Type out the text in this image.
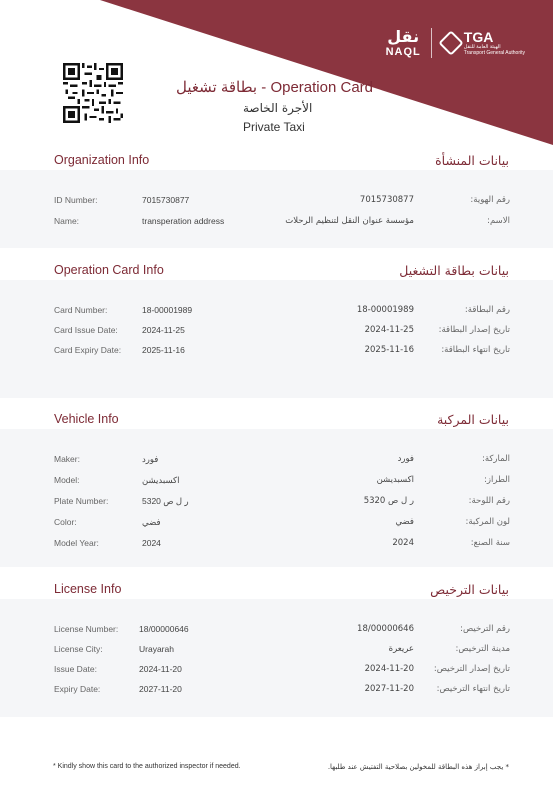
نقل
NAQL
TGA
الهيئة العامة للنقل
Transport General Authority
بطاقة تشغيل - Operation Card
الأجرة الخاصة
Private Taxi
Organization Info	بيانات المنشأة
ID Number:	7015730877	7015730877	رقم الهوية:
Name:	transperation address	مؤسسة عنوان النقل لتنظيم الرحلات	الاسم:
Operation Card Info	بيانات بطاقة التشغيل
Card Number:	18-00001989	18-00001989	رقم البطاقة:
Card Issue Date:	2024-11-25	2024-11-25	تاريخ إصدار البطاقة:
Card Expiry Date: 2025-11-16	2025-11-16	تاريخ انتهاء البطاقة:
Vehicle Info	بيانات المركبة
Maker:	فورد	فورد	الماركة:
Model:	اكسبديشن	اكسبديشن	الطراز:
Plate Number:	ر ل ص 5320	ر ل ص 5320	رقم اللوحة:
Color:	فضي	فضي	لون المركبة:
Model Year:	2024	2024	سنة الصنع:
License Info	بيانات الترخيص
License Number: 18/00000646	18/00000646	رقم الترخيص:
License City:	Urayarah	عريعرة	مدينة الترخيص:
Issue Date:	2024-11-20	2024-11-20 تاريخ إصدار الترخيص:
Expiry Date:	2027-11-20	2027-11-20	تاريخ انتهاء الترخيص:
* Kindly show this card to the authorized inspector if needed.	* يجب إبراز هذه البطاقة للمخولين بصلاحية التفتيش عند طلبها.
